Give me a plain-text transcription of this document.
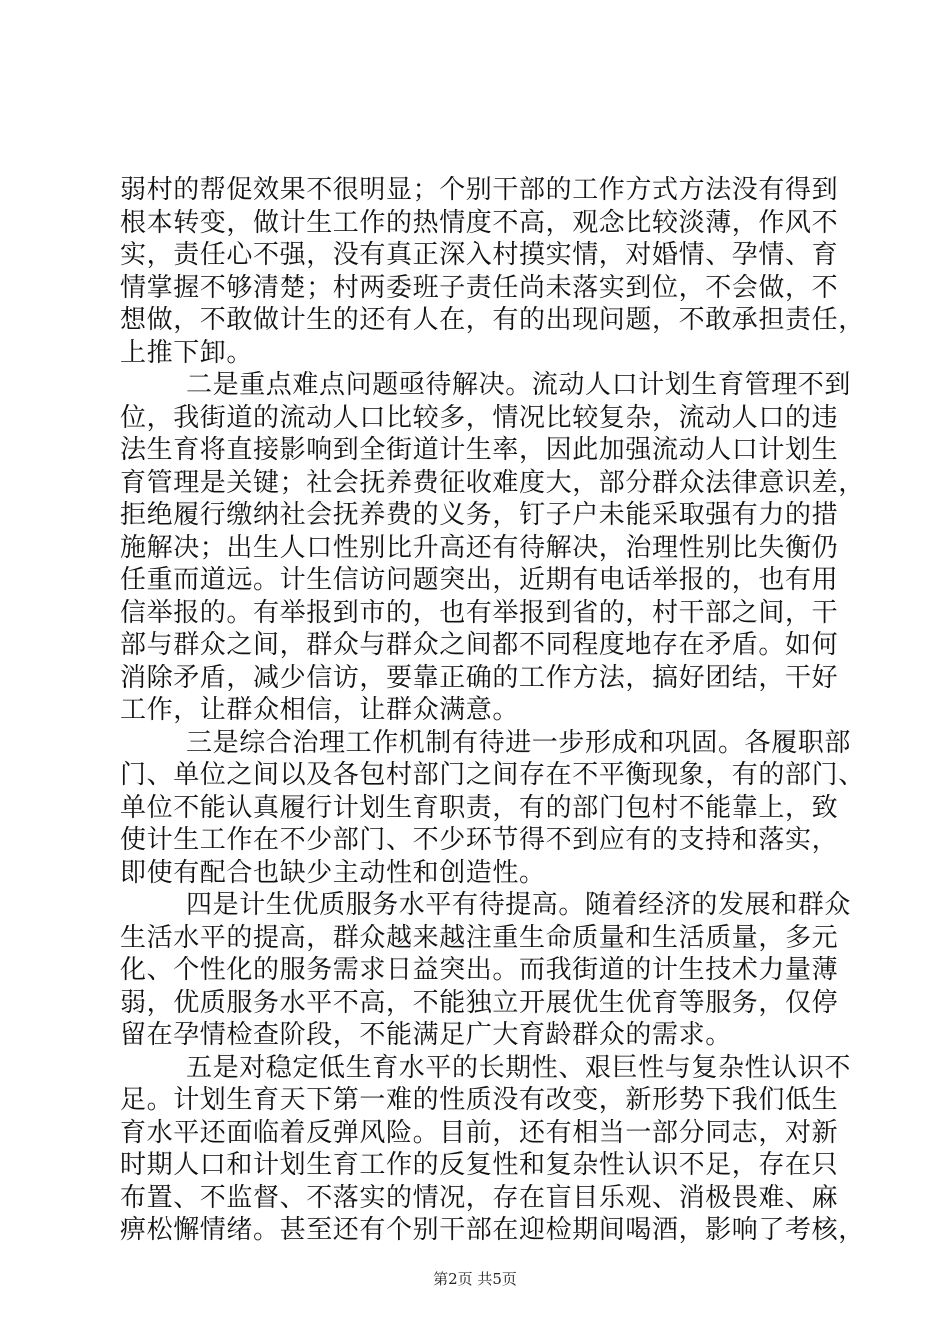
弱村的帮促效果不很明显；个别干部的工作方式方法没有得到
根本转变，做计生工作的热情度不高，观念比较淡薄，作风不
实，责任心不强，没有真正深入村摸实情，对婚情、孕情、育
情掌握不够清楚；村两委班子责任尚未落实到位，不会做，不
想做，不敢做计生的还有人在，有的出现问题，不敢承担责任，
上推下卸。
二是重点难点问题亟待解决。流动人口计划生育管理不到
位，我街道的流动人口比较多，情况比较复杂，流动人口的违
法生育将直接影响到全街道计生率，因此加强流动人口计划生
育管理是关键；社会抚养费征收难度大，部分群众法律意识差，
拒绝履行缴纳社会抚养费的义务，钉子户未能采取强有力的措
施解决；出生人口性别比升高还有待解决，治理性别比失衡仍
任重而道远。计生信访问题突出，近期有电话举报的，也有用
信举报的。有举报到市的，也有举报到省的，村干部之间，干
部与群众之间，群众与群众之间都不同程度地存在矛盾。如何
消除矛盾，减少信访，要靠正确的工作方法，搞好团结，干好
工作，让群众相信，让群众满意。
三是综合治理工作机制有待进一步形成和巩固。各履职部
门、单位之间以及各包村部门之间存在不平衡现象，有的部门、
单位不能认真履行计划生育职责，有的部门包村不能靠上，致
使计生工作在不少部门、不少环节得不到应有的支持和落实，
即使有配合也缺少主动性和创造性。
四是计生优质服务水平有待提高。随着经济的发展和群众
生活水平的提高，群众越来越注重生命质量和生活质量，多元
化、个性化的服务需求日益突出。而我街道的计生技术力量薄
弱，优质服务水平不高，不能独立开展优生优育等服务，仅停
留在孕情检查阶段，不能满足广大育龄群众的需求。
五是对稳定低生育水平的长期性、艰巨性与复杂性认识不
足。计划生育天下第一难的性质没有改变，新形势下我们低生
育水平还面临着反弹风险。目前，还有相当一部分同志，对新
时期人口和计划生育工作的反复性和复杂性认识不足，存在只
布置、不监督、不落实的情况，存在盲目乐观、消极畏难、麻
痹松懈情绪。甚至还有个别干部在迎检期间喝酒，影响了考核，
第2页 共5页
